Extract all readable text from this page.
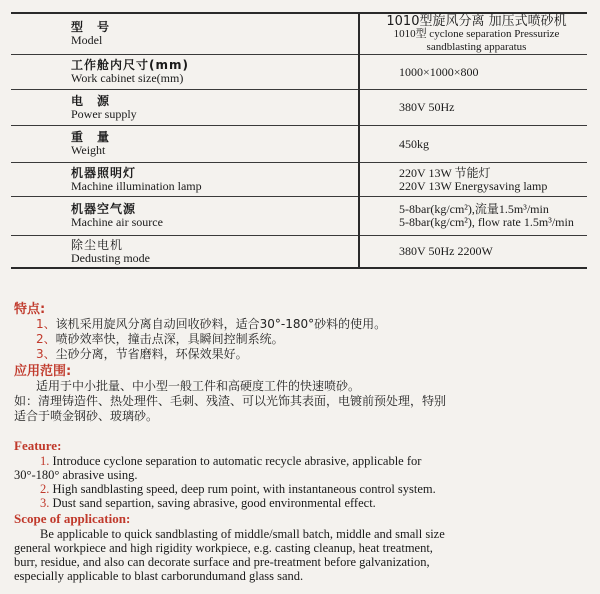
型　号
Model	1010型旋风分离 加压式喷砂机
1010型 cyclone separation Pressurize sandblasting apparatus

工作舱内尺寸(mm)
Work cabinet size(mm)	1000×1000×800

电　源
Power supply	380V 50Hz

重　量
Weight	450kg

机器照明灯
Machine illumination lamp	220V 13W 节能灯
220V 13W Energysaving lamp

机器空气源
Machine air source	5-8bar(kg/cm²),流量1.5m³/min
5-8bar(kg/cm²), flow rate 1.5m³/min

除尘电机
Dedusting mode	380V 50Hz 2200W
特点:
1、该机采用旋风分离自动回收砂料，适合30°-180°砂料的使用。
2、喷砂效率快，撞击点深，具瞬间控制系统。
3、尘砂分离，节省磨料，环保效果好。
应用范围:
适用于中小批量、中小型一般工件和高硬度工件的快速喷砂。
如：清理铸造件、热处理件、毛刺、残渣、可以光饰其表面，电镀前预处理，特别
适合于喷金钢砂、玻璃砂。
Feature:
1. Introduce cyclone separation to automatic recycle abrasive, applicable for
30°-180° abrasive using.
2. High sandblasting speed, deep rum point, with instantaneous control system.
3. Dust sand separtion, saving abrasive, good environmental effect.
Scope of application:
Be applicable to quick sandblasting of middle/small batch, middle and small size
general workpiece and high rigidity workpiece, e.g. casting cleanup, heat treatment,
burr, residue, and also can decorate surface and pre-treatment before galvanization,
especially applicable to blast carborundumand glass sand.
